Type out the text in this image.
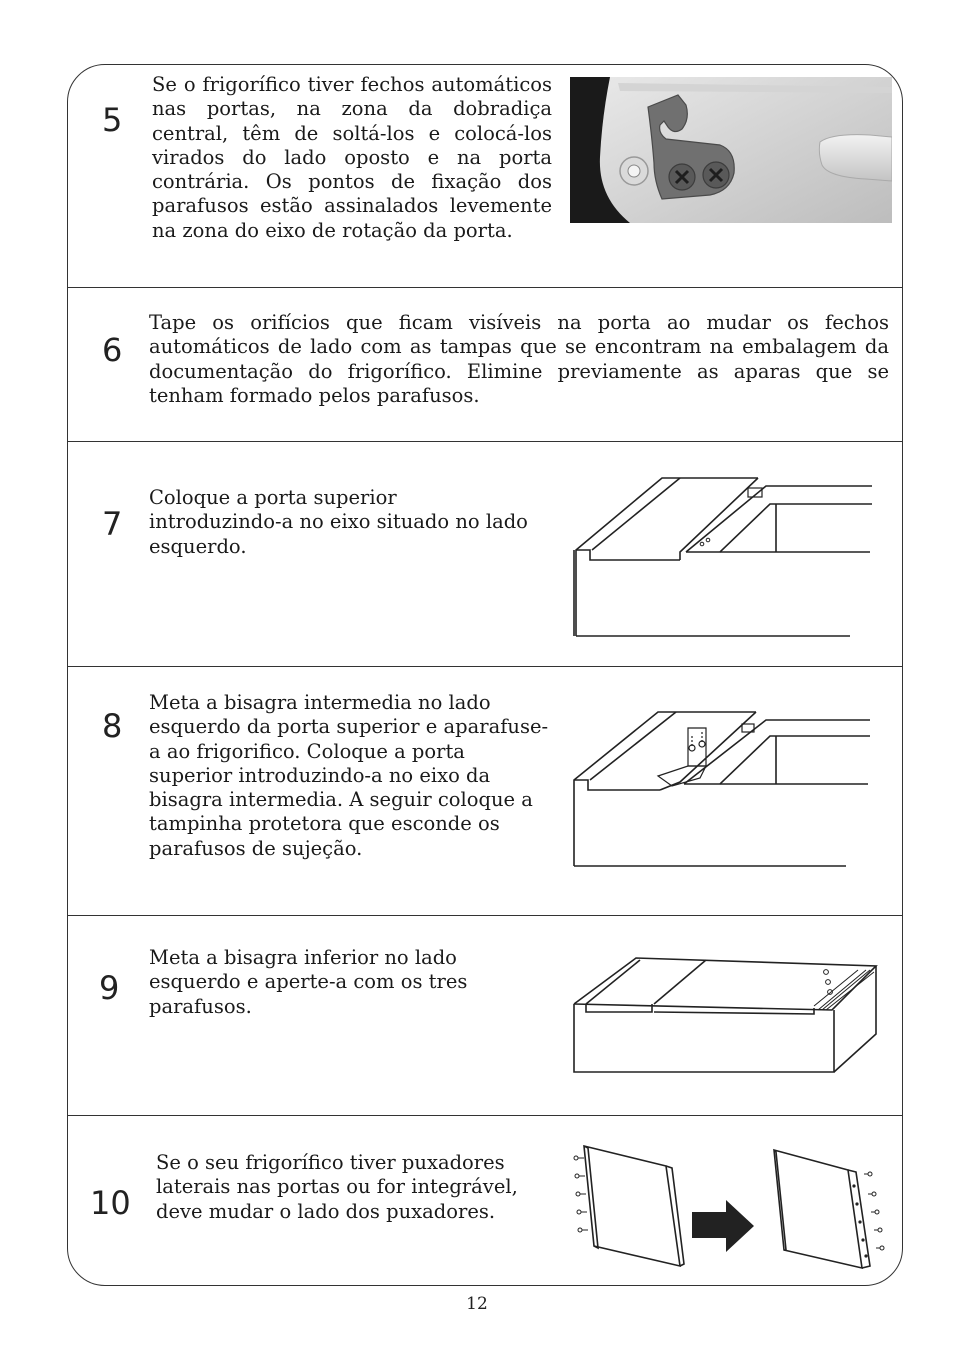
5
Se o frigorífico tiver fechos automáticos nas portas, na zona da dobradiça central, têm de soltá-los e colocá-los virados do lado oposto e na porta contrária. Os pontos de fixação dos parafusos estão assinalados levemente na zona do eixo de rotação da porta.
6
Tape os orifícios que ficam visíveis na porta ao mudar os fechos automáticos de lado com as tampas que se encontram na embalagem da documentação do frigorífico. Elimine previamente as aparas que se tenham formado pelos parafusos.
7
Coloque a porta superior introduzindo-a no eixo situado no lado esquerdo.
8
Meta a bisagra intermedia no lado esquerdo da porta superior e aparafuse-a ao frigorifico. Coloque a porta superior introduzindo-a no eixo da bisagra intermedia. A seguir coloque a tampinha protetora que esconde os parafusos de sujeção.
9
Meta a bisagra inferior no lado esquerdo e aperte-a com os tres parafusos.
10
Se o seu frigorífico tiver puxadores laterais nas portas ou for integrável, deve mudar o lado dos puxadores.
12
